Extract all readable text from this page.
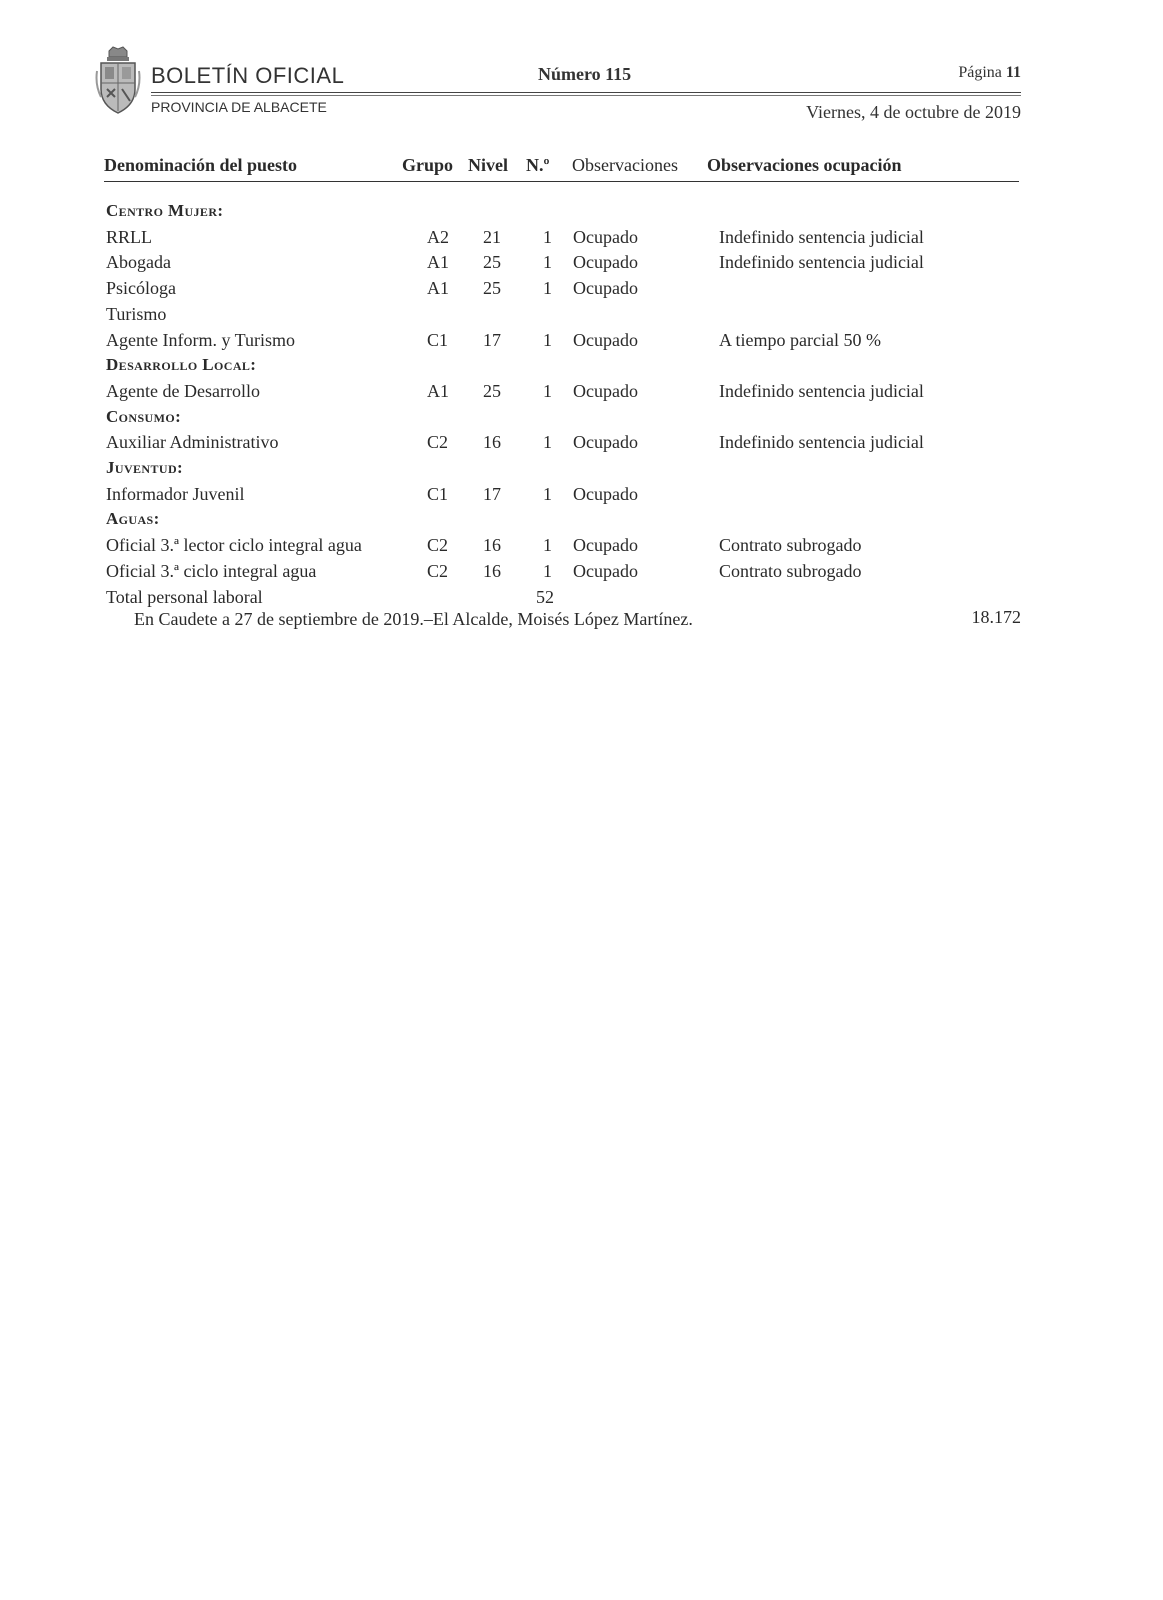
BOLETÍN OFICIAL
PROVINCIA DE ALBACETE
Número 115	Página 11
Viernes, 4 de octubre de 2019
Denominación del puesto	Grupo Nivel N.º Observaciones Observaciones ocupación
Centro Mujer:
RRLL	A2 21 1 Ocupado	Indefinido sentencia judicial
Abogada	A1 25 1 Ocupado	Indefinido sentencia judicial
Psicóloga	A1 25 1 Ocupado
Turismo
Agente Inform. y Turismo	C1 17 1 Ocupado	A tiempo parcial 50 %
Desarrollo Local:
Agente de Desarrollo	A1 25 1 Ocupado	Indefinido sentencia judicial
Consumo:
Auxiliar Administrativo	C2 16 1 Ocupado	Indefinido sentencia judicial
Juventud:
Informador Juvenil	C1 17 1 Ocupado
Aguas:
Oficial 3.ª lector ciclo integral agua	C2 16 1 Ocupado	Contrato subrogado
Oficial 3.ª ciclo integral agua	C2 16 1 Ocupado	Contrato subrogado
Total personal laboral	52
En Caudete a 27 de septiembre de 2019.–El Alcalde, Moisés López Martínez.	18.172
